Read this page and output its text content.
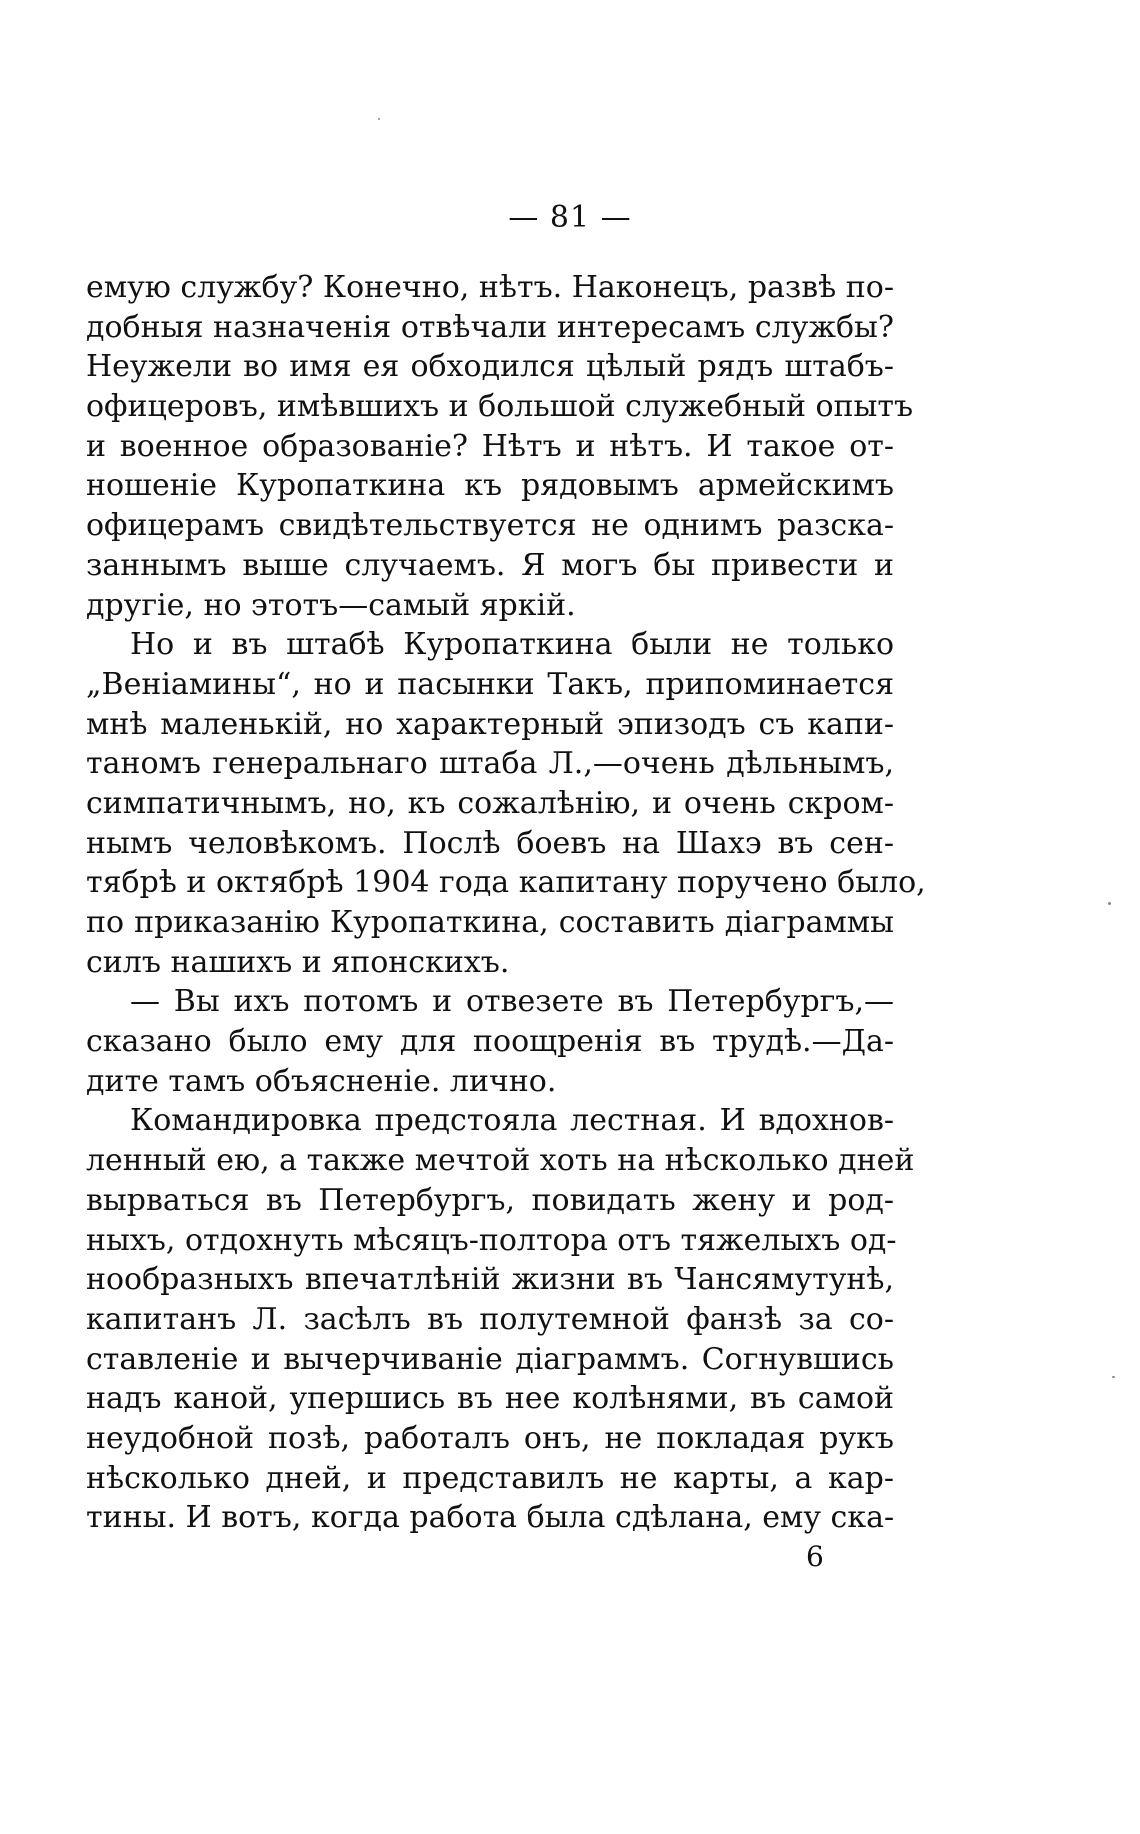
— 81 —
емую службу? Конечно, нѣтъ. Наконецъ, развѣ по-
добныя назначенія отвѣчали интересамъ службы?
Неужели во имя ея обходился цѣлый рядъ штабъ-
офицеровъ, имѣвшихъ и большой служебный опытъ
и военное образованіе? Нѣтъ и нѣтъ. И такое от-
ношеніе Куропаткина къ рядовымъ армейскимъ
офицерамъ свидѣтельствуется не однимъ разска-
заннымъ выше случаемъ. Я могъ бы привести и
другіе, но этотъ—самый яркій.
Но и въ штабѣ Куропаткина были не только
„Веніамины“, но и пасынки Такъ, припоминается
мнѣ маленькій, но характерный эпизодъ съ капи-
таномъ генеральнаго штаба Л.,—очень дѣльнымъ,
симпатичнымъ, но, къ сожалѣнію, и очень скром-
нымъ человѣкомъ. Послѣ боевъ на Шахэ въ сен-
тябрѣ и октябрѣ 1904 года капитану поручено было,
по приказанію Куропаткина, составить діаграммы
силъ нашихъ и японскихъ.
— Вы ихъ потомъ и отвезете въ Петербургъ,—
сказано было ему для поощренія въ трудѣ.—Да-
дите тамъ объясненіе. лично.
Командировка предстояла лестная. И вдохнов-
ленный ею, а также мечтой хоть на нѣсколько дней
вырваться въ Петербургъ, повидать жену и род-
ныхъ, отдохнуть мѣсяцъ-полтора отъ тяжелыхъ од-
нообразныхъ впечатлѣній жизни въ Чансямутунѣ,
капитанъ Л. засѣлъ въ полутемной фанзѣ за со-
ставленіе и вычерчиваніе діаграммъ. Согнувшись
надъ каной, упершись въ нее колѣнями, въ самой
неудобной позѣ, работалъ онъ, не покладая рукъ
нѣсколько дней, и представилъ не карты, а кар-
тины. И вотъ, когда работа была сдѣлана, ему ска-
6
